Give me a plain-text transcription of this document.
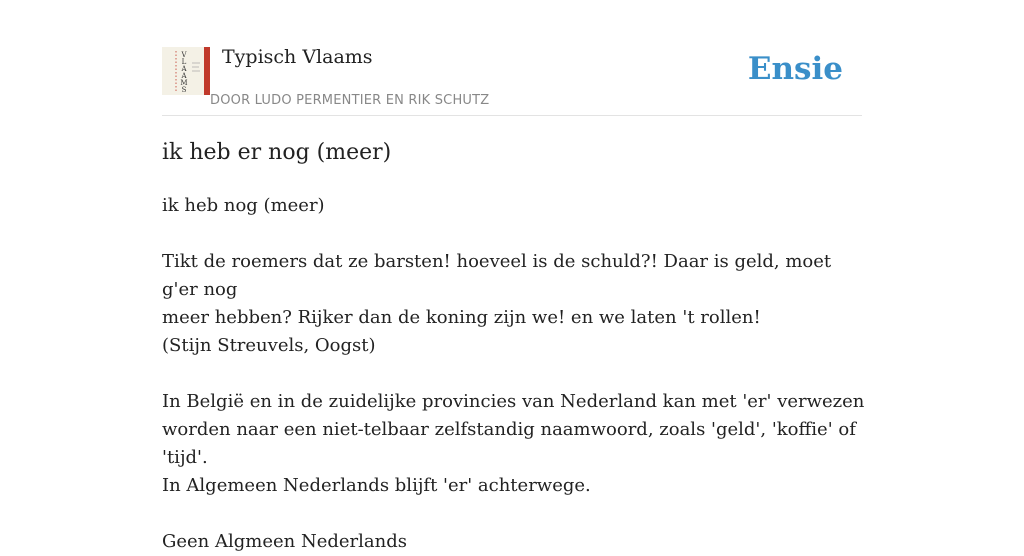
V
L
A
A
M
S
Typisch Vlaams
DOOR LUDO PERMENTIER EN RIK SCHUTZ
Ensie
ik heb er nog (meer)

ik heb nog (meer)

Tikt de roemers dat ze barsten! hoeveel is de schuld?! Daar is geld, moet g'er nog

meer hebben? Rijker dan de koning zijn we! en we laten 't rollen!

(Stijn Streuvels, Oogst)

In België en in de zuidelijke provincies van Nederland kan met 'er' verwezen

worden naar een niet-telbaar zelfstandig naamwoord, zoals 'geld', 'koffie' of 'tijd'.

In Algemeen Nederlands blijft 'er' achterwege.

Geen Algmeen Nederlands
